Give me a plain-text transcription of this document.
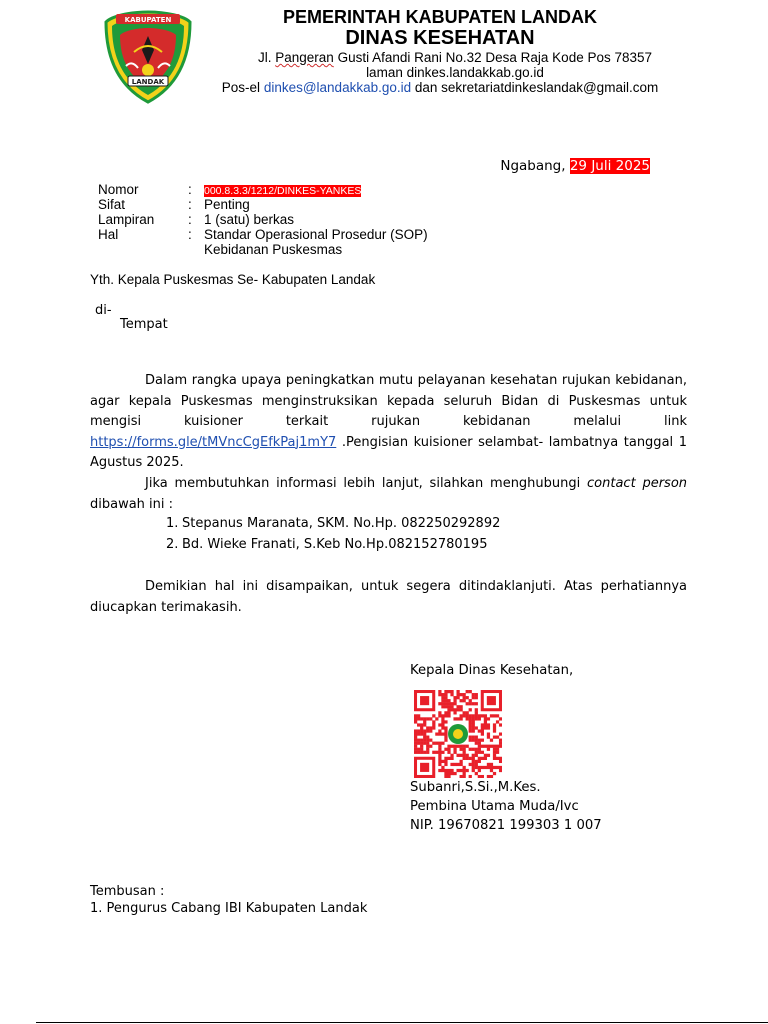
KABUPATEN
LANDAK
PEMERINTAH KABUPATEN LANDAK
DINAS KESEHATAN
Jl. Pangeran Gusti Afandi Rani No.32 Desa Raja Kode Pos 78357
laman dinkes.landakkab.go.id
Pos-el dinkes@landakkab.go.id dan sekretariatdinkeslandak@gmail.com
Ngabang, 29 Juli 2025
Nomor	: 000.8.3.3/1212/DINKES-YANKES
Sifat	: Penting
Lampiran : 1 (satu) berkas
Hal	: Standar Operasional Prosedur (SOP)
Kebidanan Puskesmas
Yth. Kepala Puskesmas Se- Kabupaten Landak
di-
Tempat
Dalam rangka upaya peningkatkan mutu pelayanan kesehatan rujukan kebidanan, agar kepala Puskesmas menginstruksikan kepada seluruh Bidan di Puskesmas untuk mengisi kuisioner terkait rujukan kebidanan melalui link https://forms.gle/tMVncCgEfkPaj1mY7 .Pengisian kuisioner selambat- lambatnya tanggal 1 Agustus 2025.
Jika membutuhkan informasi lebih lanjut, silahkan menghubungi contact person dibawah ini :
1. Stepanus Maranata, SKM. No.Hp. 082250292892
2. Bd. Wieke Franati, S.Keb No.Hp.082152780195
Demikian hal ini disampaikan, untuk segera ditindaklanjuti. Atas perhatiannya diucapkan terimakasih.
Kepala Dinas Kesehatan,
Subanri,S.Si.,M.Kes.
Pembina Utama Muda/Ivc
NIP. 19670821 199303 1 007
Tembusan :
1. Pengurus Cabang IBI Kabupaten Landak
